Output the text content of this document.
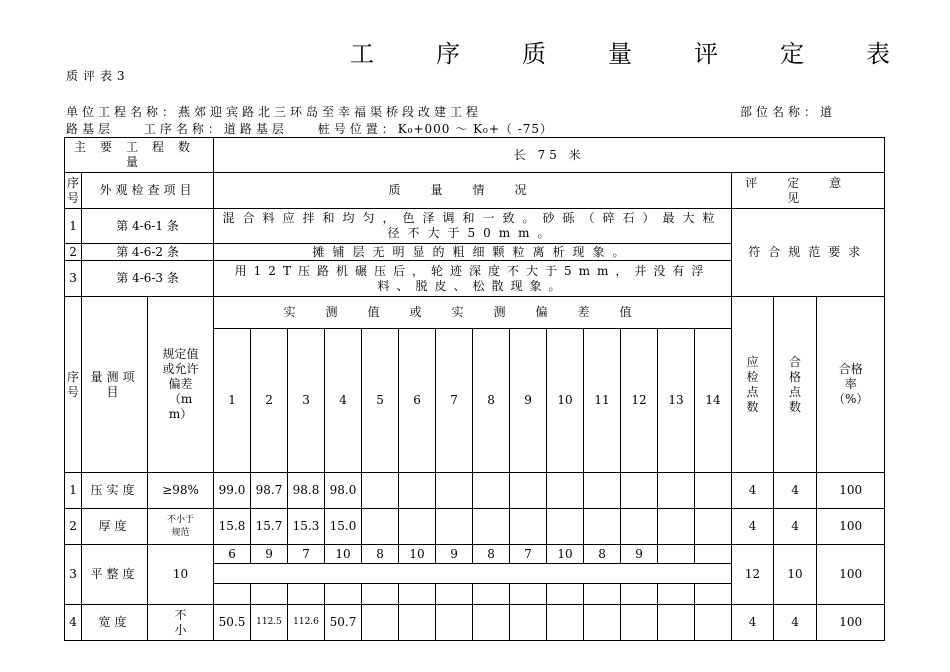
工	序	质	量	评	定	表
质评表3
单位工程名称：燕郊迎宾路北三环岛至幸福渠桥段改建工程	部位名称：道
路基层 工序名称：道路基层 桩号位置：K₀+000 ～ K₀+（ -75）
主要工程数量			长 75 米																
序号	外观检查项目		质量情况														评定意见		
1	第 4-6-1 条		混合料应拌和均匀，色泽调和一致。砂砾（碎石）最大粒径不大于50mm。														符合规范要求		
2	第 4-6-2 条		摊铺层无明显的粗细颗粒离析现象。																
3	第 4-6-3 条		用12T压路机碾压后，轮迹深度不大于5mm，并没有浮料、脱皮、松散现象。																
序号	量测项目	规定值或允许偏差（mm）	实测值或实测偏差值														应检点数	合格点数	合格率（%）
			1	2	3	4	5	6	7	8	9	10	11	12	13	14			
1	压实度	≥98%	99.0	98.7	98.8	98.0											4	4	100
2	厚度	不小于规范	15.8	15.7	15.3	15.0											4	4	100
3	平整度	10	6	9	7	10	8	10	9	8	7	10	8	9			12	10	100

4	宽度	不小	50.5	112.5	112.6	50.7											4	4	100
